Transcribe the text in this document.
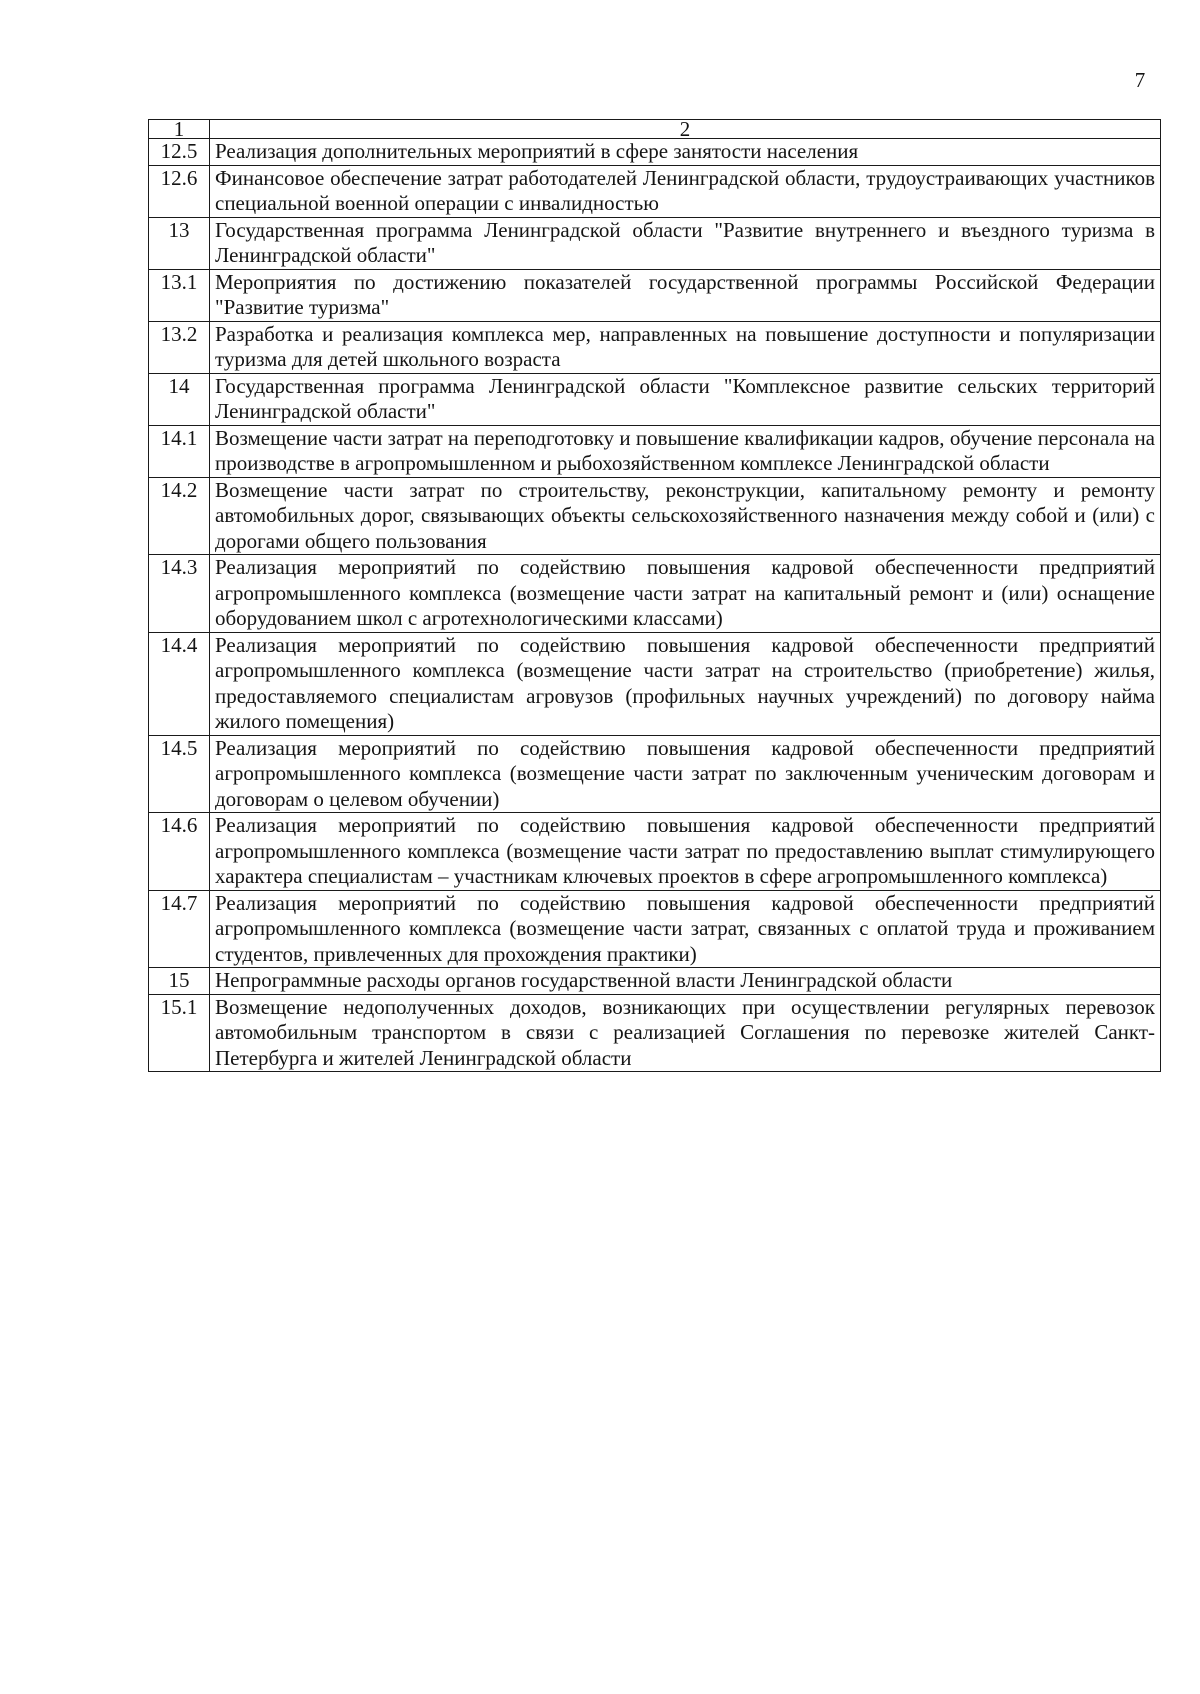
7
1	2
12.5	Реализация дополнительных мероприятий в сфере занятости населения
12.6	Финансовое обеспечение затрат работодателей Ленинградской области, трудоустраивающих участников специальной военной операции с инвалидностью
13	Государственная программа Ленинградской области "Развитие внутреннего и въездного туризма в Ленинградской области"
13.1	Мероприятия по достижению показателей государственной программы Российской Федерации "Развитие туризма"
13.2	Разработка и реализация комплекса мер, направленных на повышение доступности и популяризации туризма для детей школьного возраста
14	Государственная программа Ленинградской области "Комплексное развитие сельских территорий Ленинградской области"
14.1	Возмещение части затрат на переподготовку и повышение квалификации кадров, обучение персонала на производстве в агропромышленном и рыбохозяйственном комплексе Ленинградской области
14.2	Возмещение части затрат по строительству, реконструкции, капитальному ремонту и ремонту автомобильных дорог, связывающих объекты сельскохозяйственного назначения между собой и (или) с дорогами общего пользования
14.3	Реализация мероприятий по содействию повышения кадровой обеспеченности предприятий агропромышленного комплекса (возмещение части затрат на капитальный ремонт и (или) оснащение оборудованием школ с агротехнологическими классами)
14.4	Реализация мероприятий по содействию повышения кадровой обеспеченности предприятий агропромышленного комплекса (возмещение части затрат на строительство (приобретение) жилья, предоставляемого специалистам агровузов (профильных научных учреждений) по договору найма жилого помещения)
14.5	Реализация мероприятий по содействию повышения кадровой обеспеченности предприятий агропромышленного комплекса (возмещение части затрат по заключенным ученическим договорам и договорам о целевом обучении)
14.6	Реализация мероприятий по содействию повышения кадровой обеспеченности предприятий агропромышленного комплекса (возмещение части затрат по предоставлению выплат стимулирующего характера специалистам – участникам ключевых проектов в сфере агропромышленного комплекса)
14.7	Реализация мероприятий по содействию повышения кадровой обеспеченности предприятий агропромышленного комплекса (возмещение части затрат, связанных с оплатой труда и проживанием студентов, привлеченных для прохождения практики)
15	Непрограммные расходы органов государственной власти Ленинградской области
15.1	Возмещение недополученных доходов, возникающих при осуществлении регулярных перевозок автомобильным транспортом в связи с реализацией Соглашения по перевозке жителей Санкт-Петербурга и жителей Ленинградской области
